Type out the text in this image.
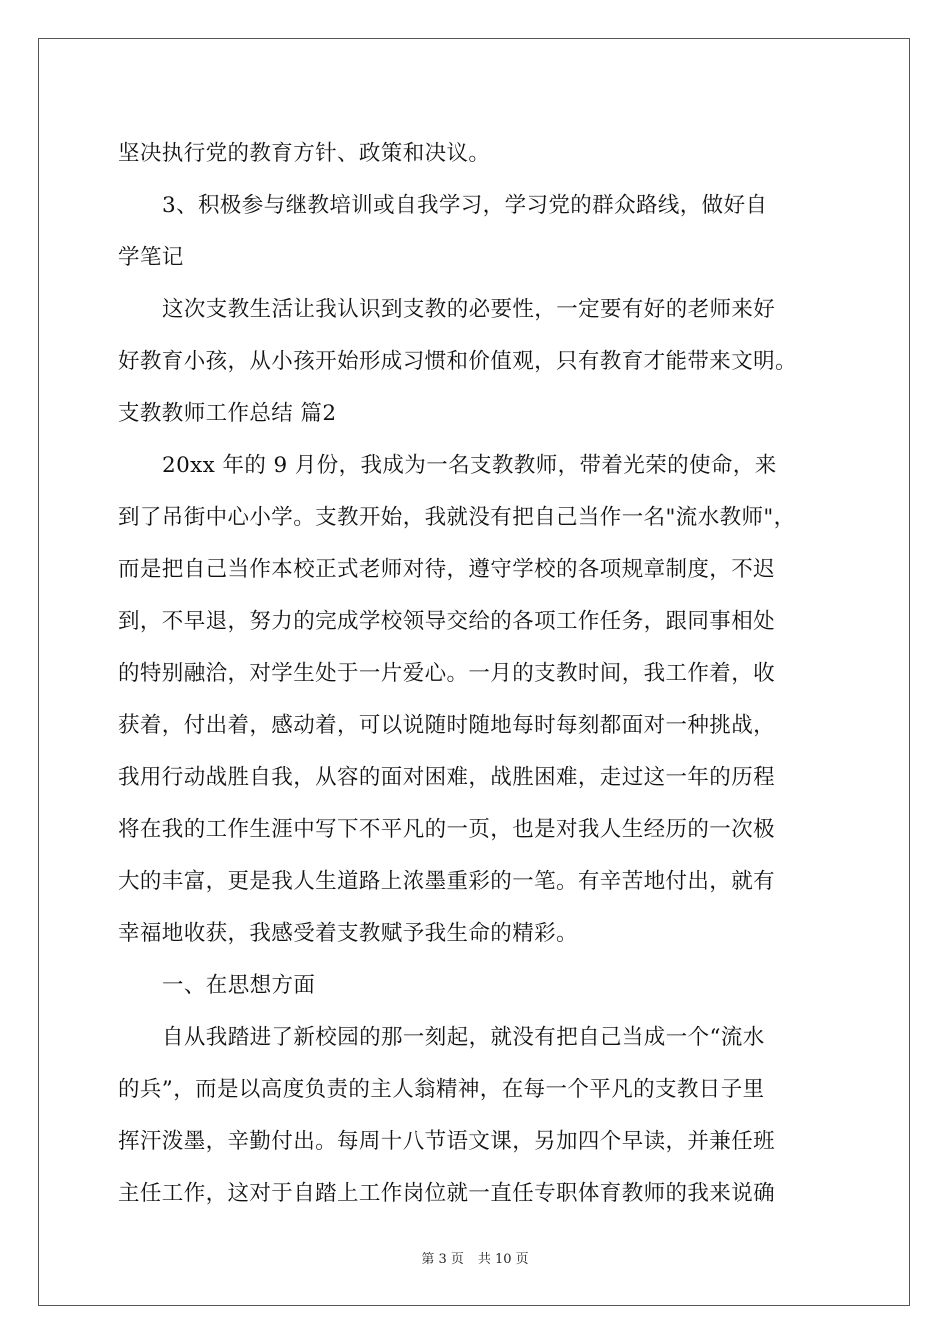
坚决执行党的教育方针、政策和决议。
3、积极参与继教培训或自我学习，学习党的群众路线，做好自
学笔记
这次支教生活让我认识到支教的必要性，一定要有好的老师来好
好教育小孩，从小孩开始形成习惯和价值观，只有教育才能带来文明。
支教教师工作总结 篇2
20xx 年的 9 月份，我成为一名支教教师，带着光荣的使命，来
到了吊街中心小学。支教开始，我就没有把自己当作一名"流水教师"，
而是把自己当作本校正式老师对待，遵守学校的各项规章制度，不迟
到，不早退，努力的完成学校领导交给的各项工作任务，跟同事相处
的特别融洽，对学生处于一片爱心。一月的支教时间，我工作着，收
获着，付出着，感动着，可以说随时随地每时每刻都面对一种挑战，
我用行动战胜自我，从容的面对困难，战胜困难，走过这一年的历程
将在我的工作生涯中写下不平凡的一页，也是对我人生经历的一次极
大的丰富，更是我人生道路上浓墨重彩的一笔。有辛苦地付出，就有
幸福地收获，我感受着支教赋予我生命的精彩。
一、在思想方面
自从我踏进了新校园的那一刻起，就没有把自己当成一个“流水
的兵”，而是以高度负责的主人翁精神，在每一个平凡的支教日子里
挥汗泼墨，辛勤付出。每周十八节语文课，另加四个早读，并兼任班
主任工作，这对于自踏上工作岗位就一直任专职体育教师的我来说确
第 3 页 共 10 页
